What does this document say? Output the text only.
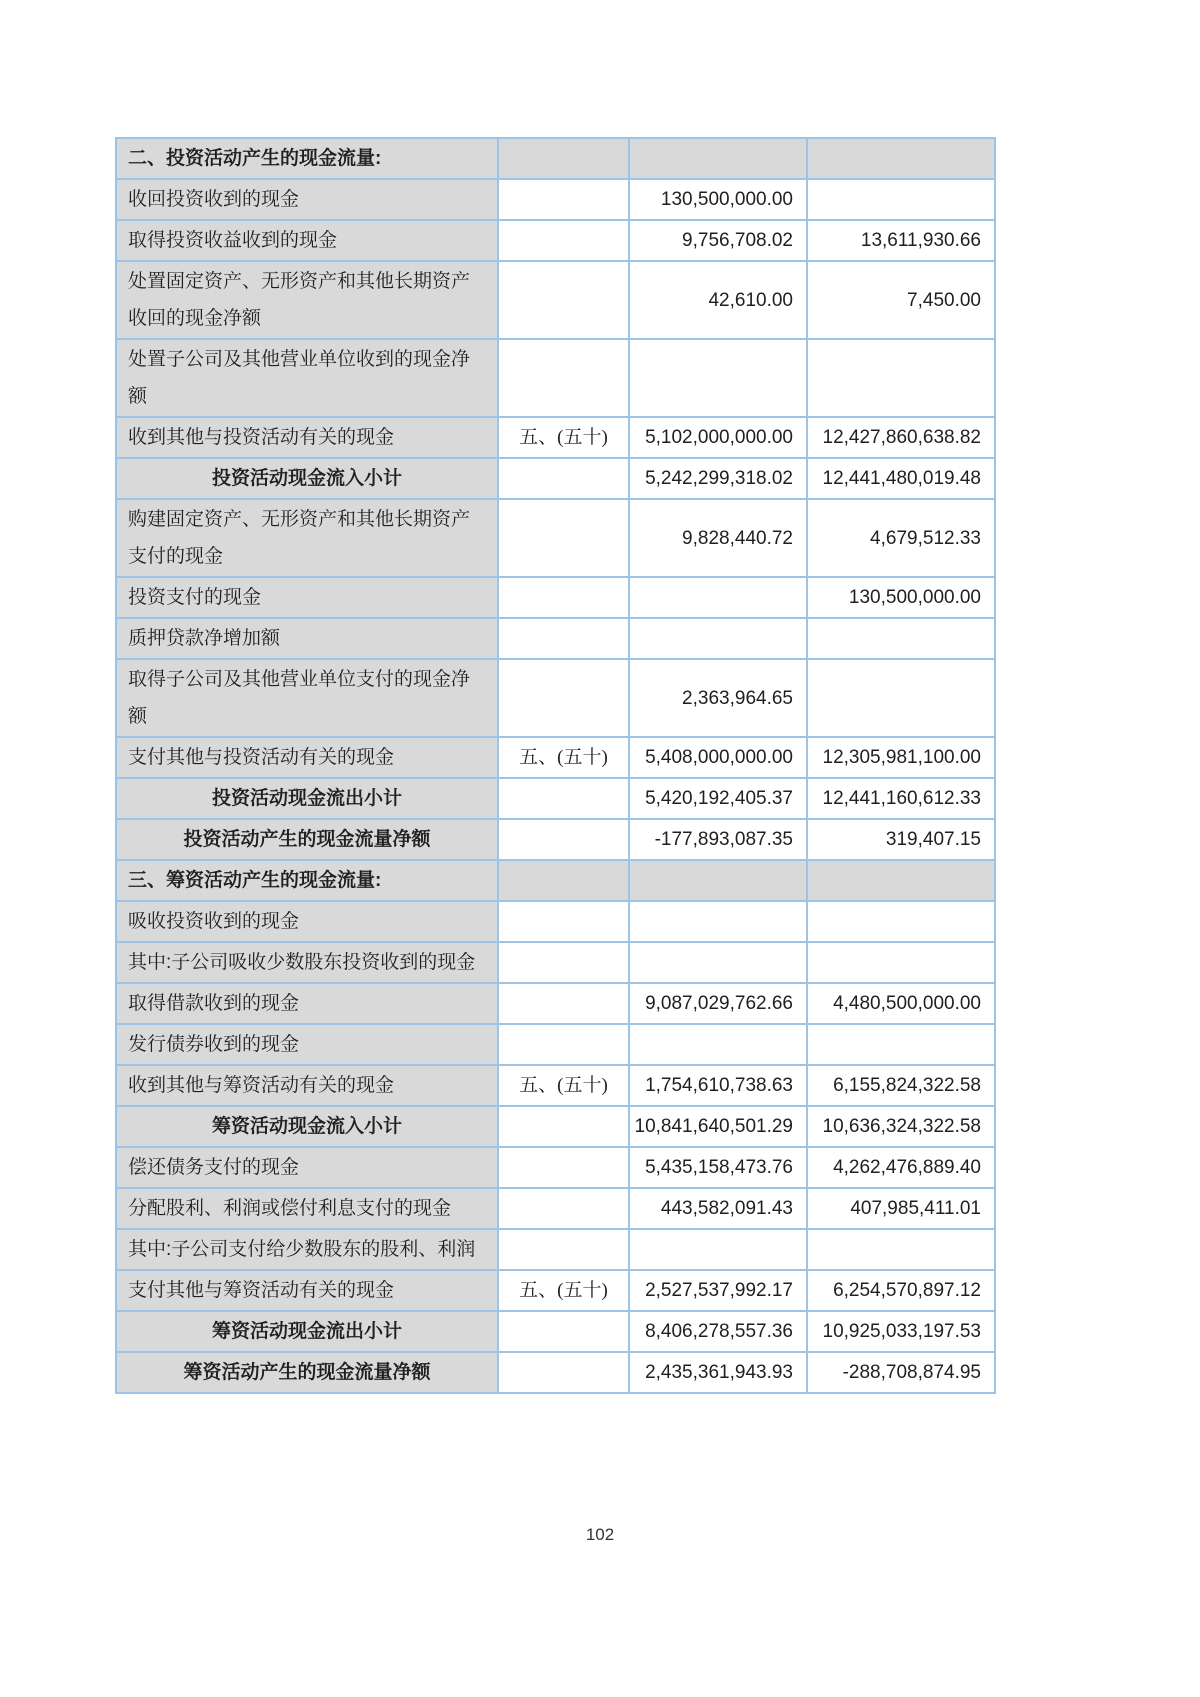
二、投资活动产生的现金流量:			
收回投资收到的现金		130,500,000.00	
取得投资收益收到的现金		9,756,708.02	13,611,930.66
处置固定资产、无形资产和其他长期资产收回的现金净额		42,610.00	7,450.00
处置子公司及其他营业单位收到的现金净额			
收到其他与投资活动有关的现金	五、(五十)	5,102,000,000.00	12,427,860,638.82
投资活动现金流入小计		5,242,299,318.02	12,441,480,019.48
购建固定资产、无形资产和其他长期资产支付的现金		9,828,440.72	4,679,512.33
投资支付的现金			130,500,000.00
质押贷款净增加额			
取得子公司及其他营业单位支付的现金净额		2,363,964.65	
支付其他与投资活动有关的现金	五、(五十)	5,408,000,000.00	12,305,981,100.00
投资活动现金流出小计		5,420,192,405.37	12,441,160,612.33
投资活动产生的现金流量净额		-177,893,087.35	319,407.15
三、筹资活动产生的现金流量:			
吸收投资收到的现金			
其中:子公司吸收少数股东投资收到的现金			
取得借款收到的现金		9,087,029,762.66	4,480,500,000.00
发行债券收到的现金			
收到其他与筹资活动有关的现金	五、(五十)	1,754,610,738.63	6,155,824,322.58
筹资活动现金流入小计		10,841,640,501.29	10,636,324,322.58
偿还债务支付的现金		5,435,158,473.76	4,262,476,889.40
分配股利、利润或偿付利息支付的现金		443,582,091.43	407,985,411.01
其中:子公司支付给少数股东的股利、利润			
支付其他与筹资活动有关的现金	五、(五十)	2,527,537,992.17	6,254,570,897.12
筹资活动现金流出小计		8,406,278,557.36	10,925,033,197.53
筹资活动产生的现金流量净额		2,435,361,943.93	-288,708,874.95
102
